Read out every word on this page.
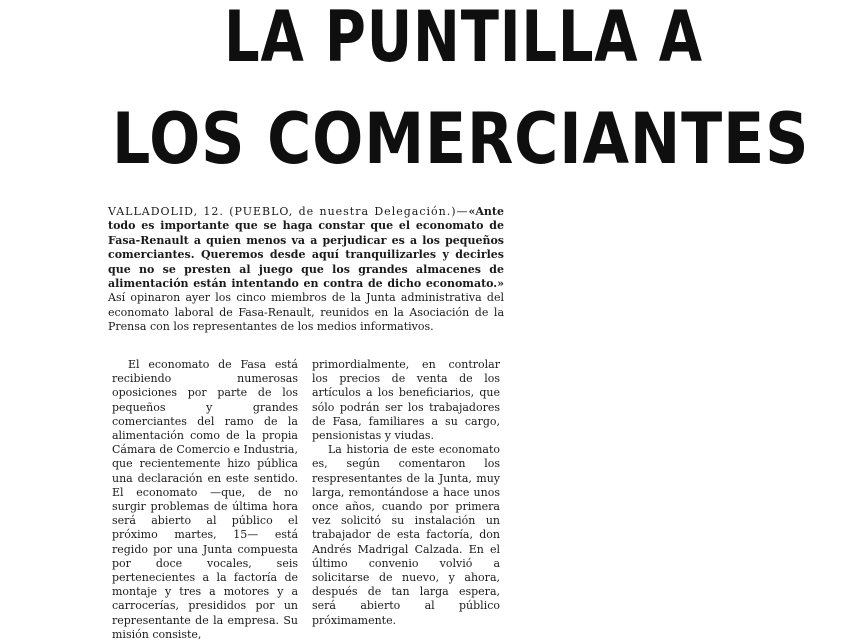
LA PUNTILLA A
LOS COMERCIANTES

VALLADOLID, 12. (PUEBLO, de nuestra Delegación.)—«Ante todo es importante que se haga constar que el economato de Fasa-Renault a quien menos va a perjudicar es a los pequeños comerciantes. Queremos desde aquí tranquilizarles y decirles que no se presten al juego que los grandes almacenes de alimentación están intentando en contra de dicho economato.» Así opinaron ayer los cinco miembros de la Junta administrativa del economato laboral de Fasa-Renault, reunidos en la Asociación de la Prensa con los representantes de los medios informativos.

El economato de Fasa está recibiendo numerosas oposiciones por parte de los pequeños y grandes comerciantes del ramo de la alimentación como de la propia Cámara de Comercio e Industria, que recientemente hizo pública una declaración en este sentido. El economato —que, de no surgir problemas de última hora será abierto al público el próximo martes, 15— está regido por una Junta compuesta por doce vocales, seis pertenecientes a la factoría de montaje y tres a motores y a carrocerías, presididos por un representante de la empresa. Su misión consiste,

primordialmente, en controlar los precios de venta de los artículos a los beneficiarios, que sólo podrán ser los trabajadores de Fasa, familiares a su cargo, pensionistas y viudas.

La historia de este economato es, según comentaron los respresentantes de la Junta, muy larga, remontándose a hace unos once años, cuando por primera vez solicitó su instalación un trabajador de esta factoría, don Andrés Madrigal Calzada. En el último convenio volvió a solicitarse de nuevo, y ahora, después de tan larga espera, será abierto al público próximamente.
